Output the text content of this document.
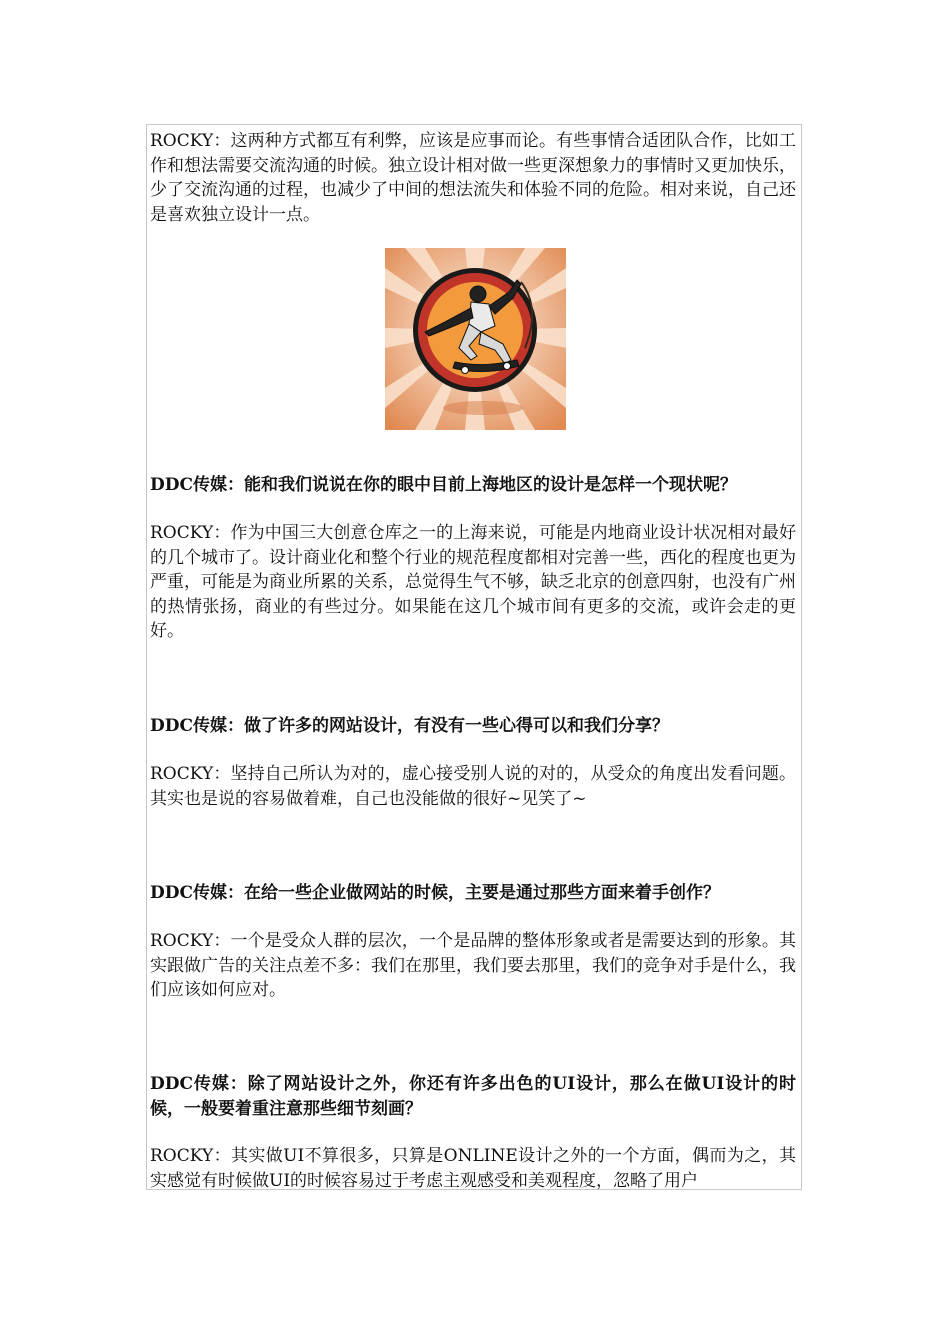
ROCKY：这两种方式都互有利弊，应该是应事而论。有些事情合适团队合作，比如工作和想法需要交流沟通的时候。独立设计相对做一些更深想象力的事情时又更加快乐，少了交流沟通的过程，也减少了中间的想法流失和体验不同的危险。相对来说，自己还是喜欢独立设计一点。

DDC传媒：能和我们说说在你的眼中目前上海地区的设计是怎样一个现状呢？

ROCKY：作为中国三大创意仓库之一的上海来说，可能是内地商业设计状况相对最好的几个城市了。设计商业化和整个行业的规范程度都相对完善一些，西化的程度也更为严重，可能是为商业所累的关系，总觉得生气不够，缺乏北京的创意四射，也没有广州的热情张扬，商业的有些过分。如果能在这几个城市间有更多的交流，或许会走的更好。

DDC传媒：做了许多的网站设计，有没有一些心得可以和我们分享？

ROCKY：坚持自己所认为对的，虚心接受别人说的对的，从受众的角度出发看问题。其实也是说的容易做着难，自己也没能做的很好~见笑了~

DDC传媒：在给一些企业做网站的时候，主要是通过那些方面来着手创作？

ROCKY：一个是受众人群的层次，一个是品牌的整体形象或者是需要达到的形象。其实跟做广告的关注点差不多：我们在那里，我们要去那里，我们的竞争对手是什么，我们应该如何应对。

DDC传媒：除了网站设计之外，你还有许多出色的UI设计，那么在做UI设计的时候，一般要着重注意那些细节刻画？

ROCKY：其实做UI不算很多，只算是ONLINE设计之外的一个方面，偶而为之，其实感觉有时候做UI的时候容易过于考虑主观感受和美观程度，忽略了用户
